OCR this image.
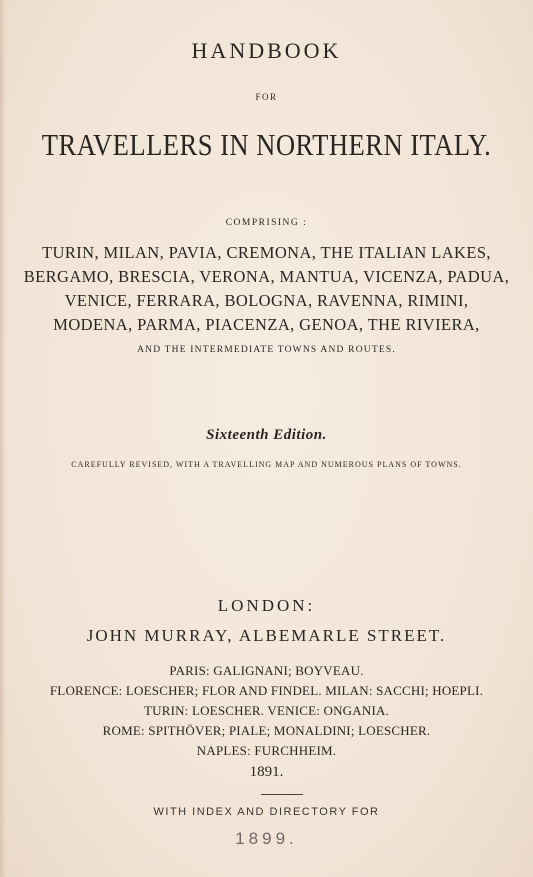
HANDBOOK
FOR
TRAVELLERS IN NORTHERN ITALY.
COMPRISING :
TURIN, MILAN, PAVIA, CREMONA, THE ITALIAN LAKES,
BERGAMO, BRESCIA, VERONA, MANTUA, VICENZA, PADUA,
VENICE, FERRARA, BOLOGNA, RAVENNA, RIMINI,
MODENA, PARMA, PIACENZA, GENOA, THE RIVIERA,
AND THE INTERMEDIATE TOWNS AND ROUTES.
Sixteenth Edition.
CAREFULLY REVISED, WITH A TRAVELLING MAP AND NUMEROUS PLANS OF TOWNS.
LONDON:
JOHN MURRAY, ALBEMARLE STREET.
PARIS: GALIGNANI; BOYVEAU.
FLORENCE: LOESCHER; FLOR AND FINDEL. MILAN: SACCHI; HOEPLI.
TURIN: LOESCHER. VENICE: ONGANIA.
ROME: SPITHÖVER; PIALE; MONALDINI; LOESCHER.
NAPLES: FURCHHEIM.
1891.
WITH INDEX AND DIRECTORY FOR
1899.
